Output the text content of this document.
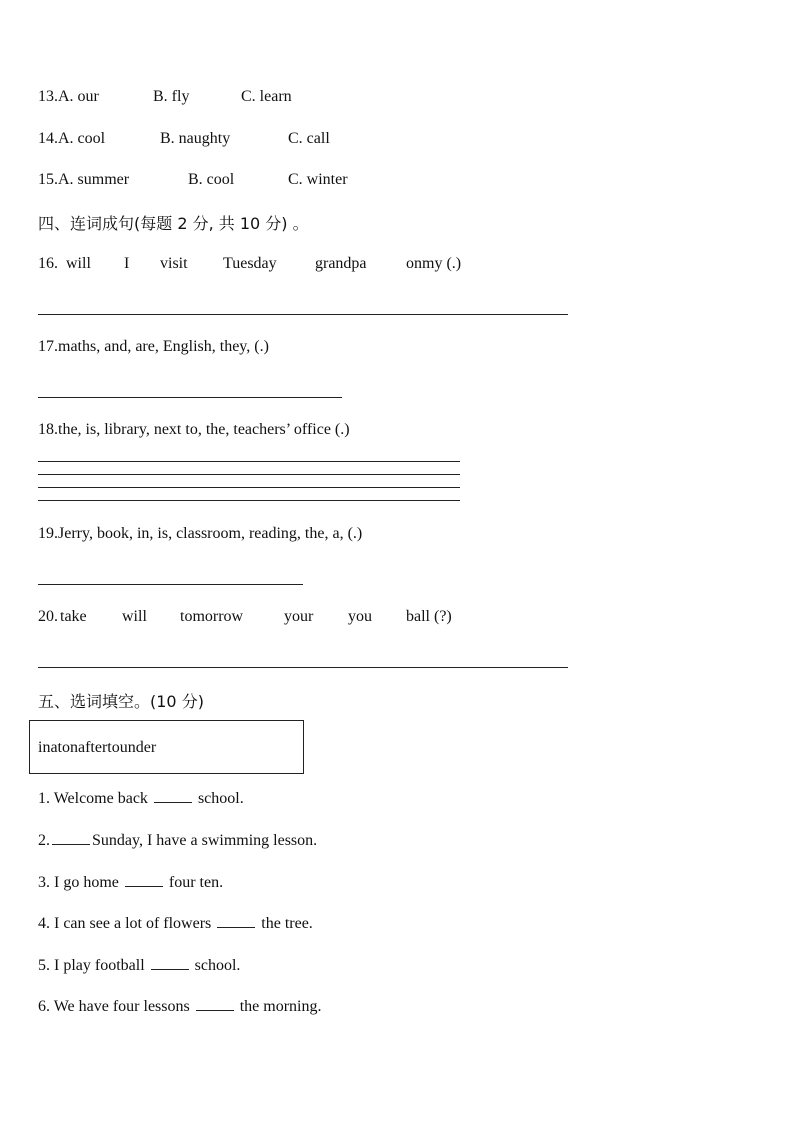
13.A. our	B. fly	C. learn
14.A. cool	B. naughty	C. call
15.A. summer	B. cool	C. winter
四、连词成句(每题 2 分, 共 10 分) 。
16. will I visit Tuesday grandpa onmy (.)
17.maths, and, are, English, they, (.)
18.the, is, library, next to, the, teachers’ office (.)
19.Jerry, book, in, is, classroom, reading, the, a, (.)
20. take will tomorrow	your you ball (?)
五、选词填空。(10 分)
inatonaftertounder
1. Welcome back	school.
2.	Sunday, I have a swimming lesson.
3. I go home	four ten.
4. I can see a lot of flowers	the tree.
5. I play football	school.
6. We have four lessons	the morning.
